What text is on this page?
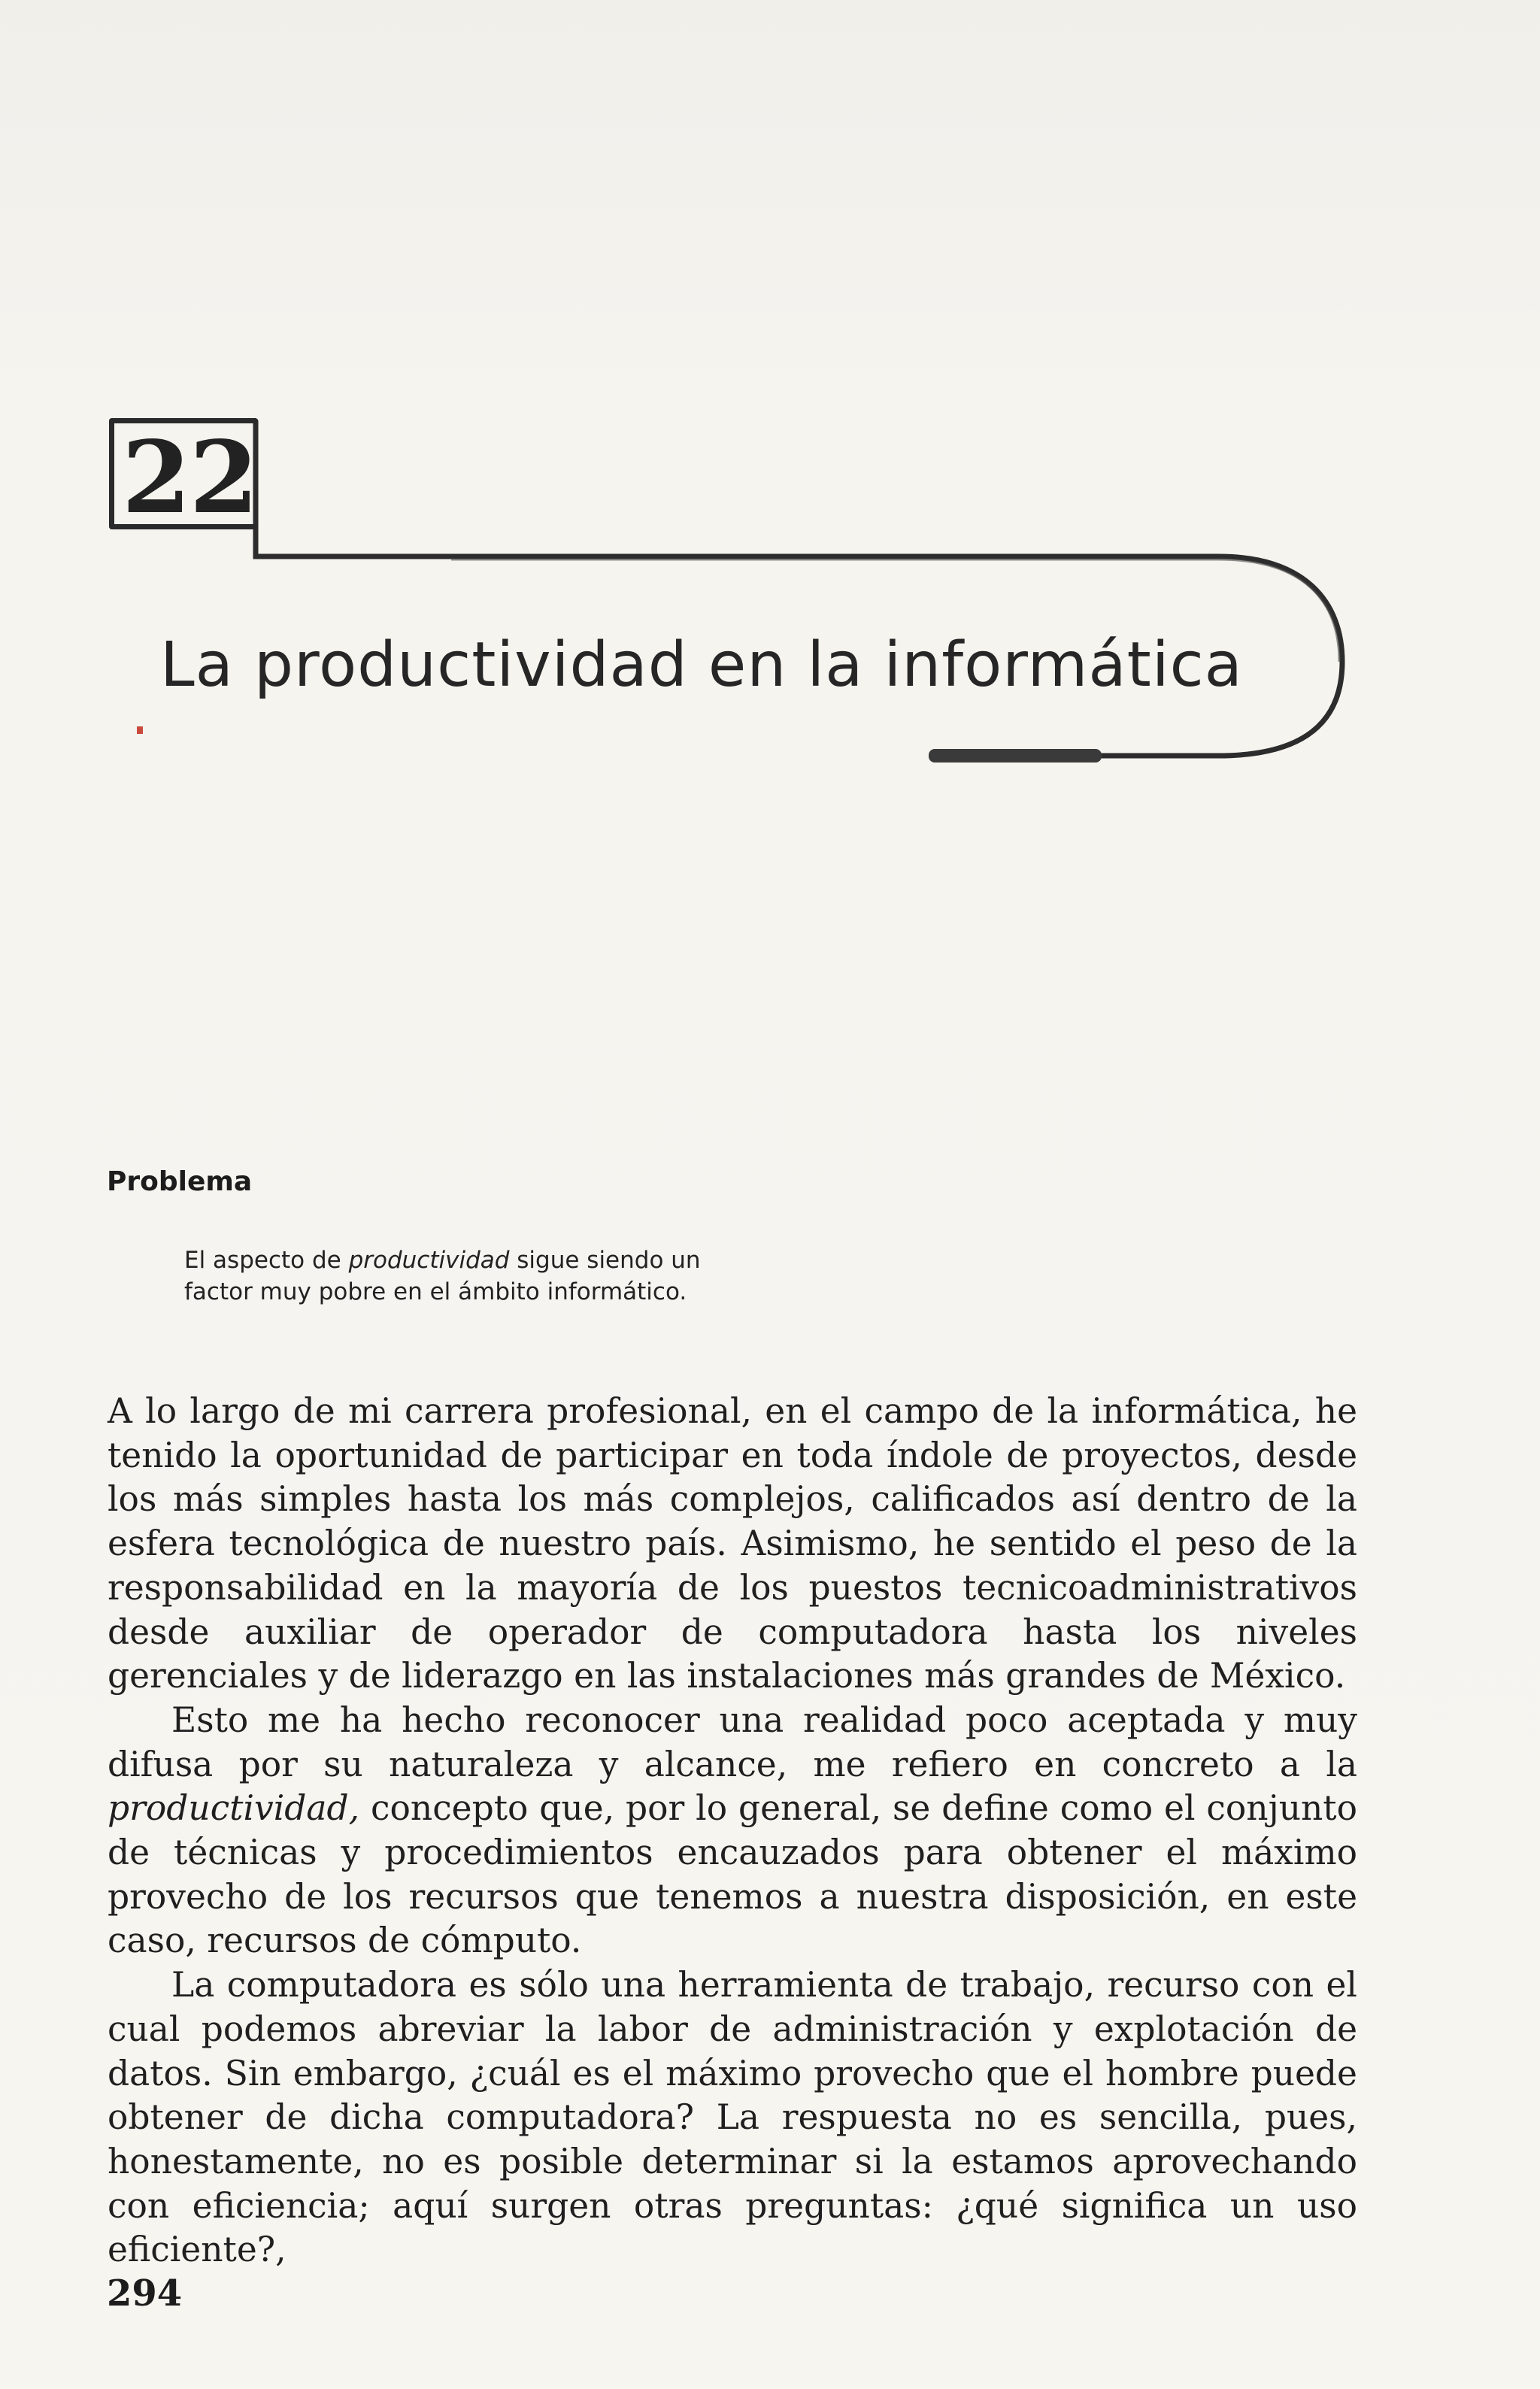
22
La productividad en la informática
Problema
El aspecto de productividad sigue siendo un factor muy pobre en el ámbito informático.

A lo largo de mi carrera profesional, en el campo de la informática, he tenido la oportunidad de participar en toda índole de proyectos, desde los más simples hasta los más complejos, calificados así dentro de la esfera tecnológica de nuestro país. Asimismo, he sentido el peso de la responsabilidad en la mayoría de los puestos tecnicoadministrativos desde auxiliar de operador de computadora hasta los niveles gerenciales y de liderazgo en las instalaciones más grandes de México.

Esto me ha hecho reconocer una realidad poco aceptada y muy difusa por su naturaleza y alcance, me refiero en concreto a la productividad, concepto que, por lo general, se define como el conjunto de técnicas y procedimientos encauzados para obtener el máximo provecho de los recursos que tenemos a nuestra disposición, en este caso, recursos de cómputo.

La computadora es sólo una herramienta de trabajo, recurso con el cual podemos abreviar la labor de administración y explotación de datos. Sin embargo, ¿cuál es el máximo provecho que el hombre puede obtener de dicha computadora? La respuesta no es sencilla, pues, honestamente, no es posible determinar si la estamos aprovechando con eficiencia; aquí surgen otras preguntas: ¿qué significa un uso eficiente?,

294
